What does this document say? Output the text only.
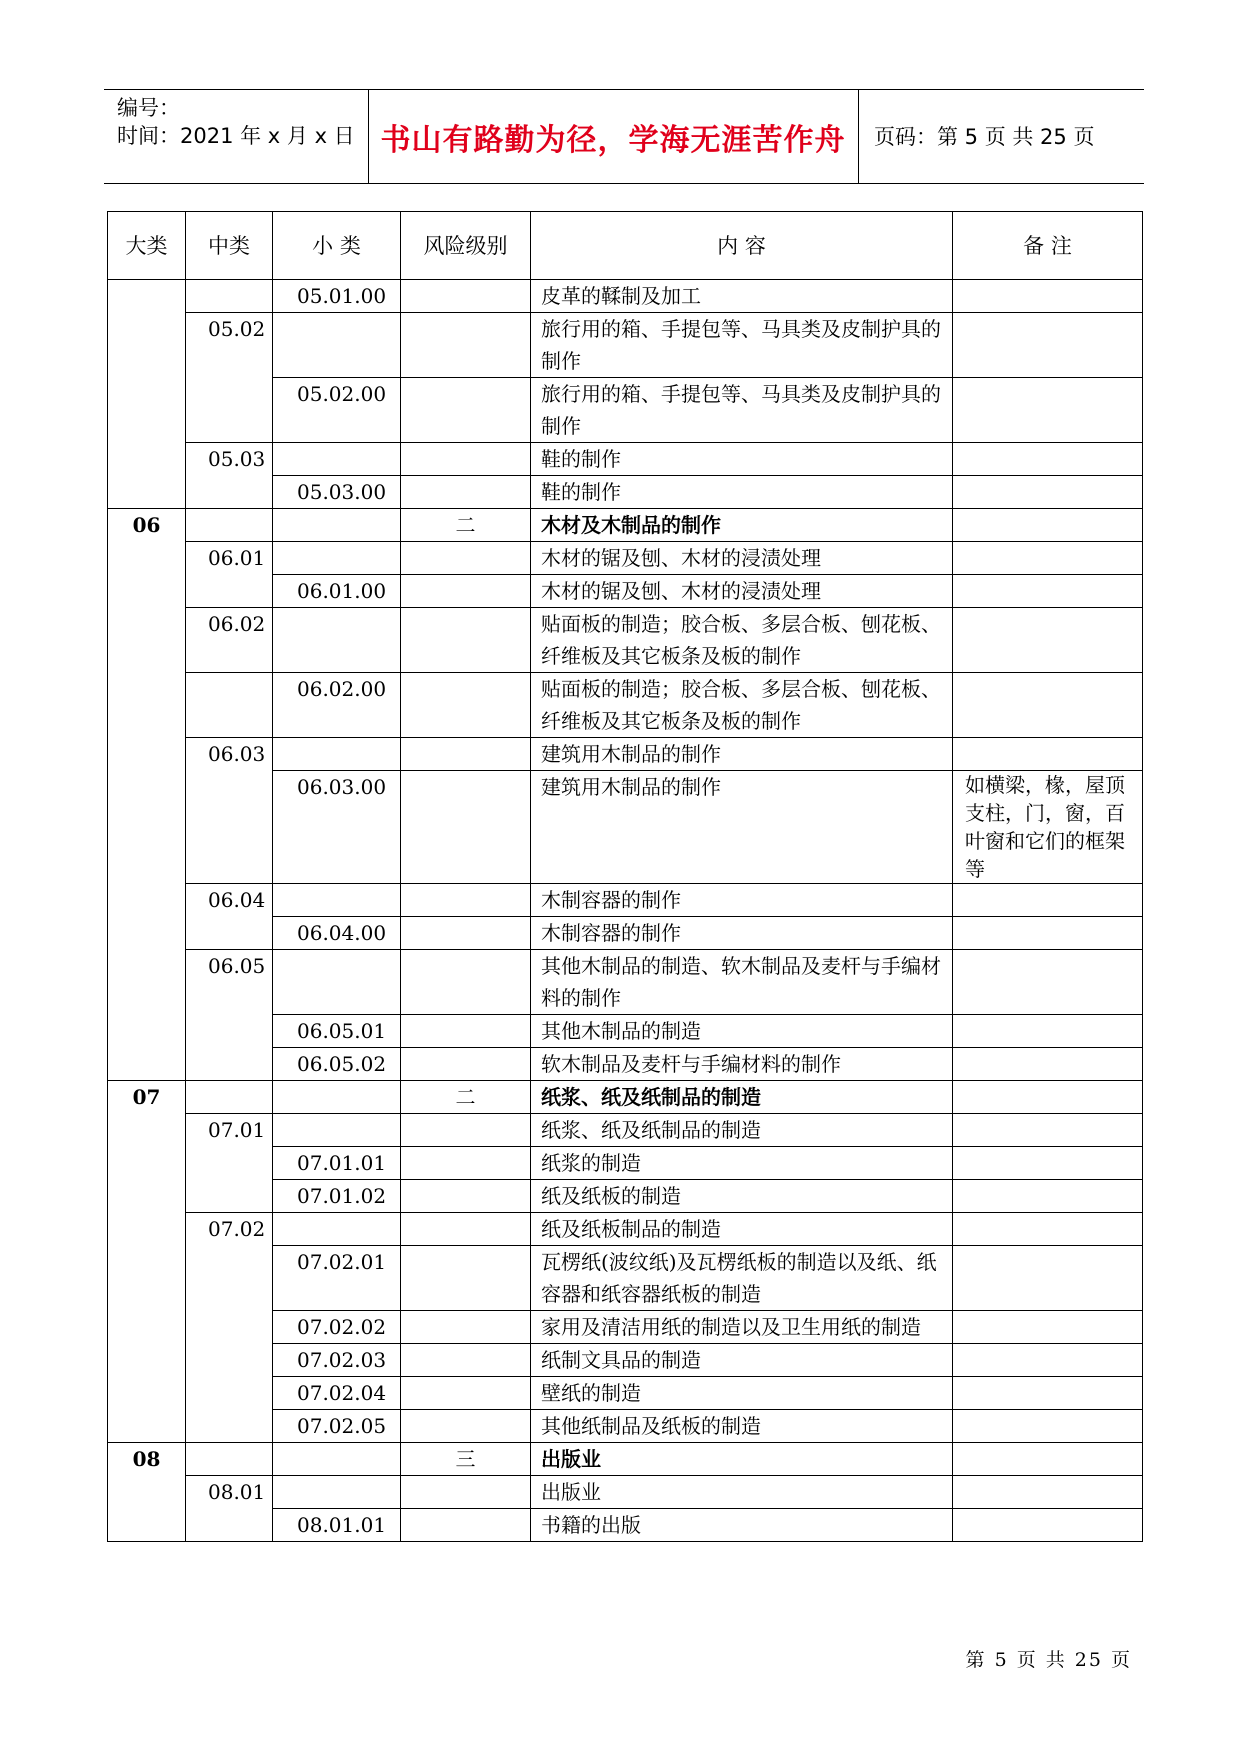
编号：
时间：2021 年 x 月 x 日 书山有路勤为径，学海无涯苦作舟	页码：第 5 页 共 25 页
大类	中类	小 类	风险级别	内 容	备 注
		05.01.00		皮革的鞣制及加工	
	05.02			旅行用的箱、手提包等、马具类及皮制护具的制作	
		05.02.00		旅行用的箱、手提包等、马具类及皮制护具的制作	
	05.03			鞋的制作	
		05.03.00		鞋的制作	
06			二	木材及木制品的制作	
	06.01			木材的锯及刨、木材的浸渍处理	
		06.01.00		木材的锯及刨、木材的浸渍处理	
	06.02			贴面板的制造；胶合板、多层合板、刨花板、纤维板及其它板条及板的制作	
		06.02.00		贴面板的制造；胶合板、多层合板、刨花板、纤维板及其它板条及板的制作	
	06.03			建筑用木制品的制作	
		06.03.00		建筑用木制品的制作	如横梁，椽，屋顶支柱，门，窗，百叶窗和它们的框架等
	06.04			木制容器的制作	
		06.04.00		木制容器的制作	
	06.05			其他木制品的制造、软木制品及麦杆与手编材料的制作	
		06.05.01		其他木制品的制造	
		06.05.02		软木制品及麦杆与手编材料的制作	
07			二	纸浆、纸及纸制品的制造	
	07.01			纸浆、纸及纸制品的制造	
		07.01.01		纸浆的制造	
		07.01.02		纸及纸板的制造	
	07.02			纸及纸板制品的制造	
		07.02.01		瓦楞纸(波纹纸)及瓦楞纸板的制造以及纸、纸容器和纸容器纸板的制造	
		07.02.02		家用及清洁用纸的制造以及卫生用纸的制造	
		07.02.03		纸制文具品的制造	
		07.02.04		壁纸的制造	
		07.02.05		其他纸制品及纸板的制造	
08			三	出版业	
	08.01			出版业	
		08.01.01		书籍的出版	
第 5 页 共 25 页
